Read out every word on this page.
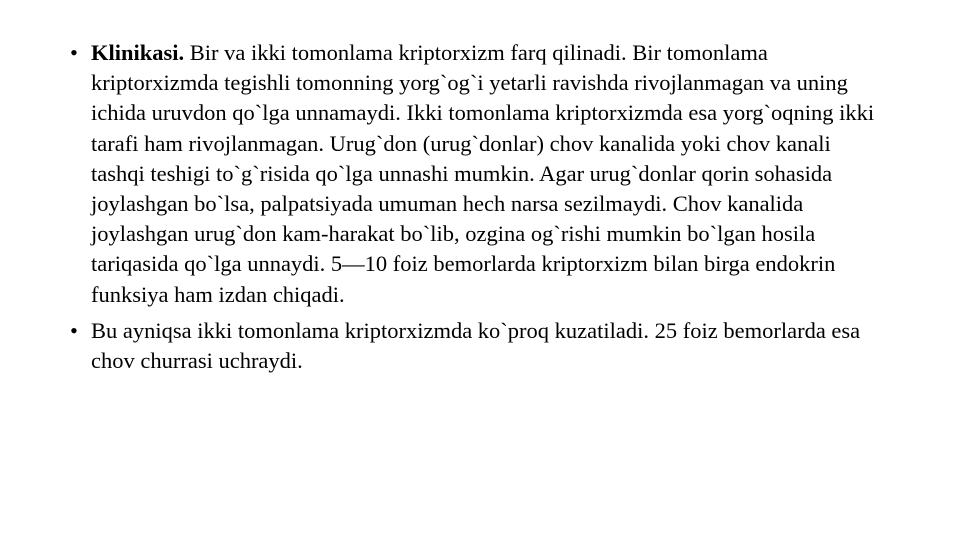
• Klinikasi. Bir va ikki tomonlama kriptorxizm farq qilinadi. Bir tomonlama kriptorxizmda tegishli tomonning yorg`og`i yetarli ravishda rivojlanmagan va uning ichida uruvdon qo`lga unnamaydi. Ikki tomonlama kriptorxizmda esa yorg`oqning ikki tarafi ham rivojlanmagan. Urug`don (urug`donlar) chov kanalida yoki chov kanali tashqi teshigi to`g`risida qo`lga unnashi mumkin. Agar urug`donlar qorin sohasida joylashgan bo`lsa, palpatsiyada umuman hech narsa sezilmaydi. Chov kanalida joylashgan urug`don kam-harakat bo`lib, ozgina og`rishi mumkin bo`lgan hosila tariqasida qo`lga unnaydi. 5—10 foiz bemorlarda kriptorxizm bilan birga endokrin funksiya ham izdan chiqadi.
• Bu ayniqsa ikki tomonlama kriptorxizmda ko`proq kuzatiladi. 25 foiz bemorlarda esa chov churrasi uchraydi.
